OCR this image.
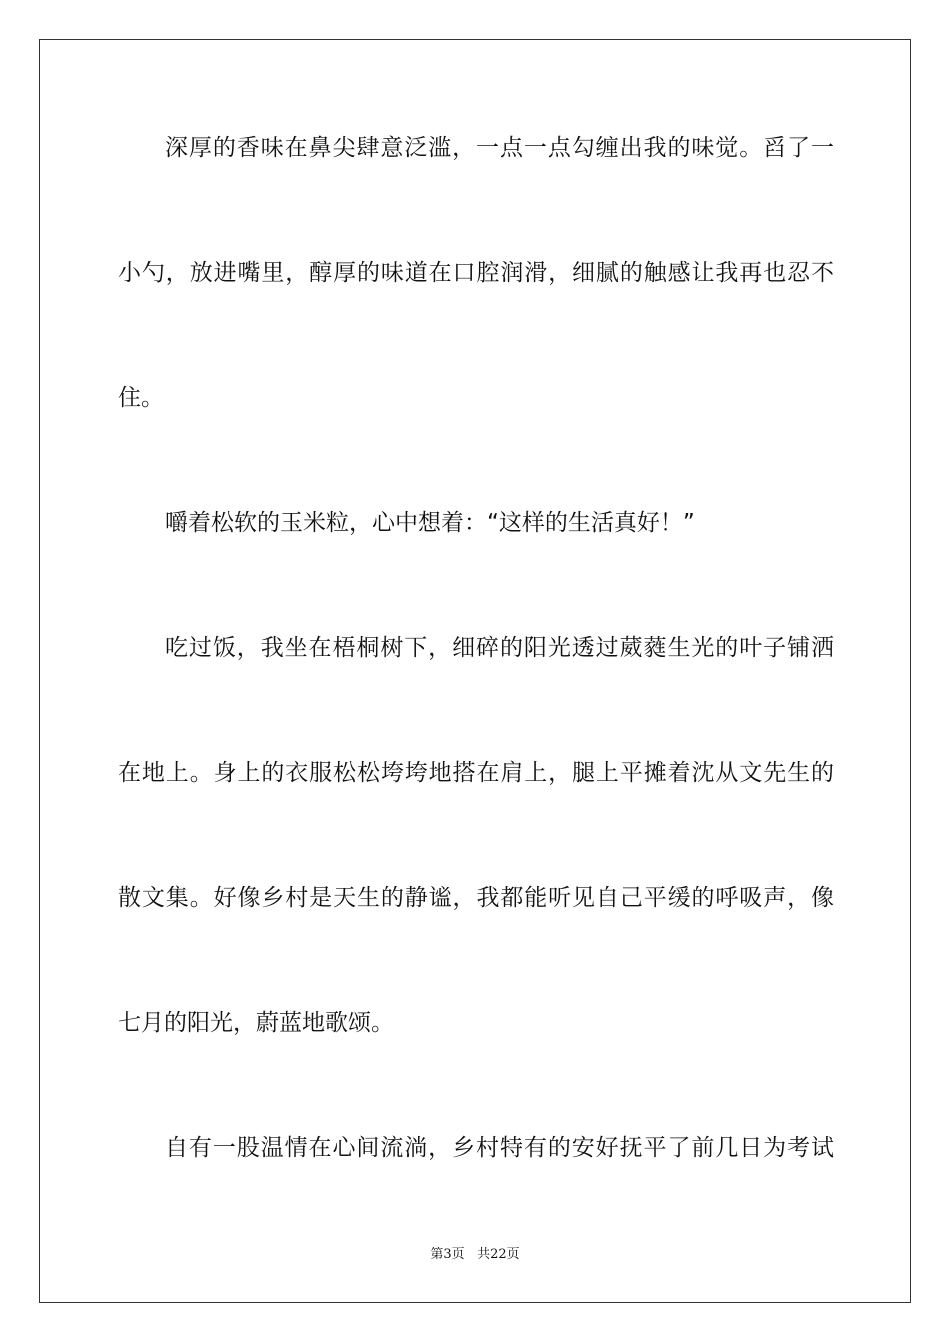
深厚的香味在鼻尖肆意泛滥，一点一点勾缠出我的味觉。舀了一
小勺，放进嘴里，醇厚的味道在口腔润滑，细腻的触感让我再也忍不
住。
嚼着松软的玉米粒，心中想着：“这样的生活真好！”
吃过饭，我坐在梧桐树下，细碎的阳光透过葳蕤生光的叶子铺洒
在地上。身上的衣服松松垮垮地搭在肩上，腿上平摊着沈从文先生的
散文集。好像乡村是天生的静谧，我都能听见自己平缓的呼吸声，像
七月的阳光，蔚蓝地歌颂。
自有一股温情在心间流淌，乡村特有的安好抚平了前几日为考试
第3页 共22页
